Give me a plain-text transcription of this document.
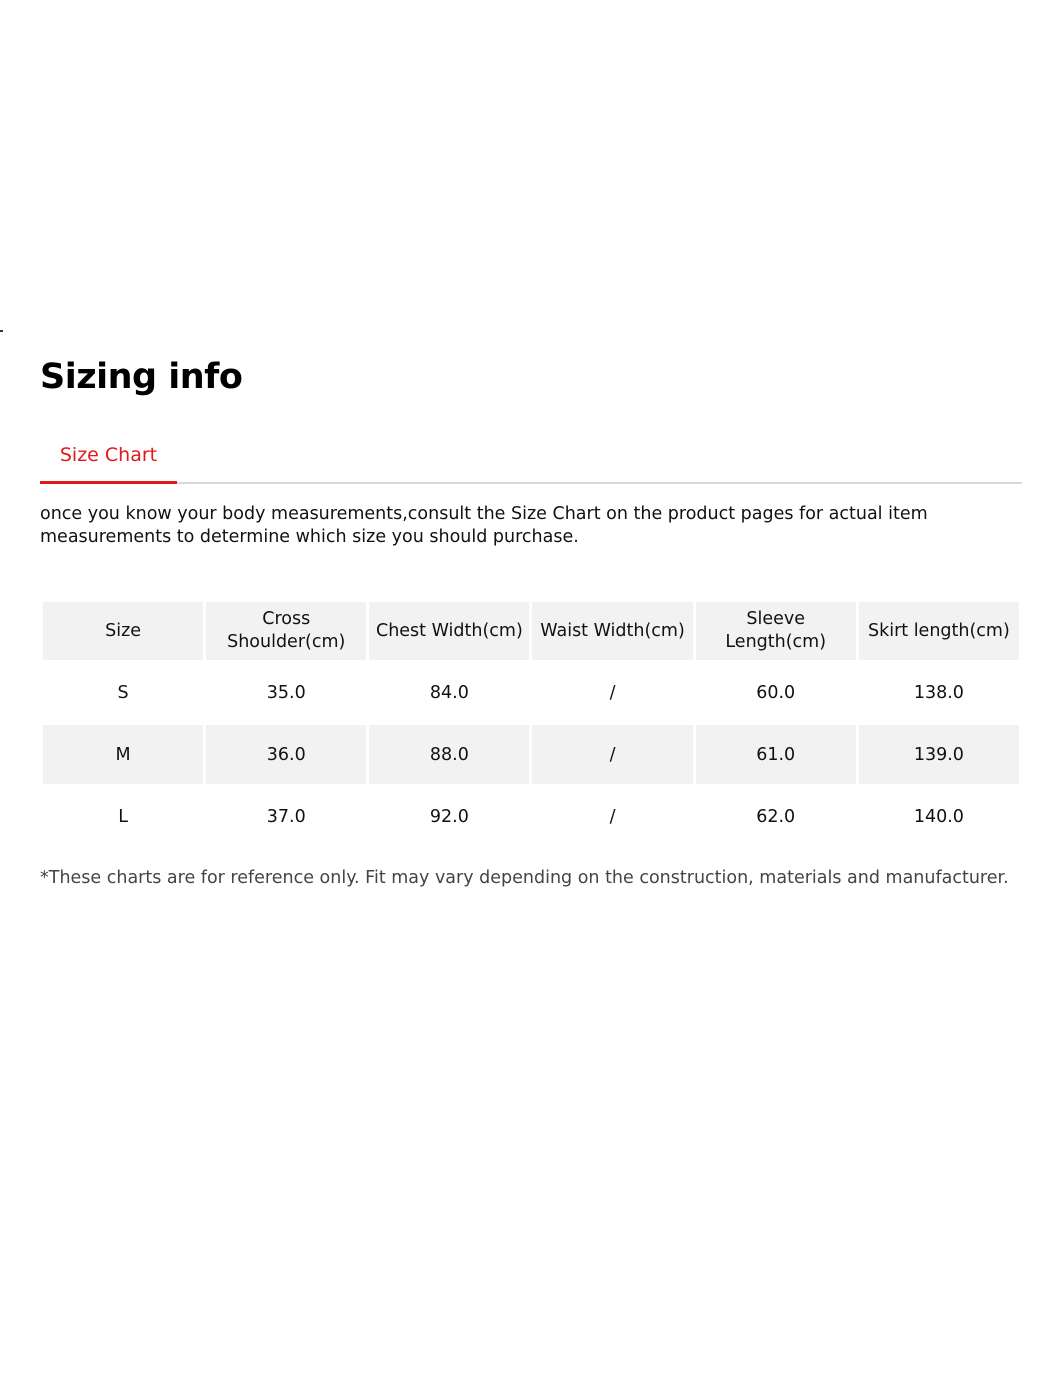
Sizing info
Size Chart

once you know your body measurements,consult the Size Chart on the product pages for actual item measurements to determine which size you should purchase.

Size	Cross Shoulder(cm)	Chest Width(cm)	Waist Width(cm)	Sleeve Length(cm)	Skirt length(cm)
S	35.0	84.0	/	60.0	138.0
M	36.0	88.0	/	61.0	139.0
L	37.0	92.0	/	62.0	140.0

*These charts are for reference only. Fit may vary depending on the construction, materials and manufacturer.
